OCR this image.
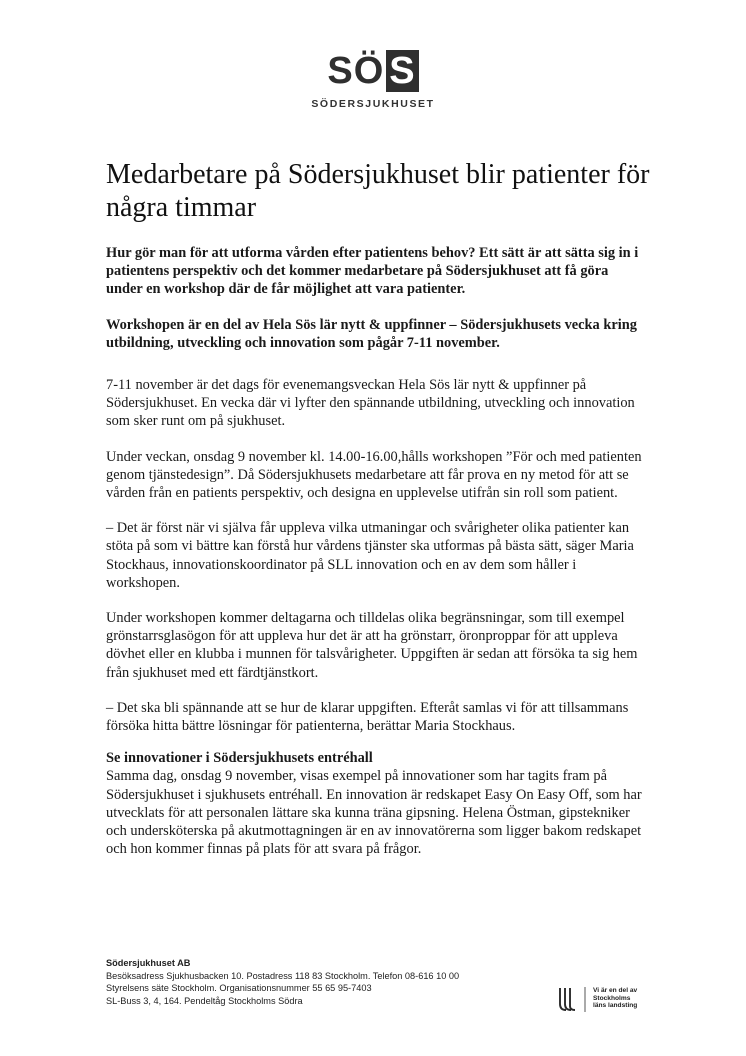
SÖ S
SÖDERSJUKHUSET
Medarbetare på Södersjukhuset blir patienter för några timmar

Hur gör man för att utforma vården efter patientens behov? Ett sätt är att sätta sig in i patientens perspektiv och det kommer medarbetare på Södersjukhuset att få göra under en workshop där de får möjlighet att vara patienter.

Workshopen är en del av Hela Sös lär nytt & uppfinner – Södersjukhusets vecka kring utbildning, utveckling och innovation som pågår 7-11 november.

7-11 november är det dags för evenemangsveckan Hela Sös lär nytt & uppfinner på Södersjukhuset. En vecka där vi lyfter den spännande utbildning, utveckling och innovation som sker runt om på sjukhuset.

Under veckan, onsdag 9 november kl. 14.00-16.00,hålls workshopen ”För och med patienten genom tjänstedesign”. Då Södersjukhusets medarbetare att får prova en ny metod för att se vården från en patients perspektiv, och designa en upplevelse utifrån sin roll som patient.

– Det är först när vi själva får uppleva vilka utmaningar och svårigheter olika patienter kan stöta på som vi bättre kan förstå hur vårdens tjänster ska utformas på bästa sätt, säger Maria Stockhaus, innovationskoordinator på SLL innovation och en av dem som håller i workshopen.

Under workshopen kommer deltagarna och tilldelas olika begränsningar, som till exempel grönstarrsglasögon för att uppleva hur det är att ha grönstarr, öronproppar för att uppleva dövhet eller en klubba i munnen för talsvårigheter. Uppgiften är sedan att försöka ta sig hem från sjukhuset med ett färdtjänstkort.

– Det ska bli spännande att se hur de klarar uppgiften. Efteråt samlas vi för att tillsammans försöka hitta bättre lösningar för patienterna, berättar Maria Stockhaus.

Se innovationer i Södersjukhusets entréhall

Samma dag, onsdag 9 november, visas exempel på innovationer som har tagits fram på Södersjukhuset i sjukhusets entréhall. En innovation är redskapet Easy On Easy Off, som har utvecklats för att personalen lättare ska kunna träna gipsning. Helena Östman, gipstekniker och undersköterska på akutmottagningen är en av innovatörerna som ligger bakom redskapet och hon kommer finnas på plats för att svara på frågor.

Södersjukhuset AB
Besöksadress Sjukhusbacken 10. Postadress 118 83 Stockholm. Telefon 08-616 10 00
Styrelsens säte Stockholm. Organisationsnummer 55 65 95-7403
SL-Buss 3, 4, 164. Pendeltåg Stockholms Södra
Vi är en del av
Stockholms
läns landsting
